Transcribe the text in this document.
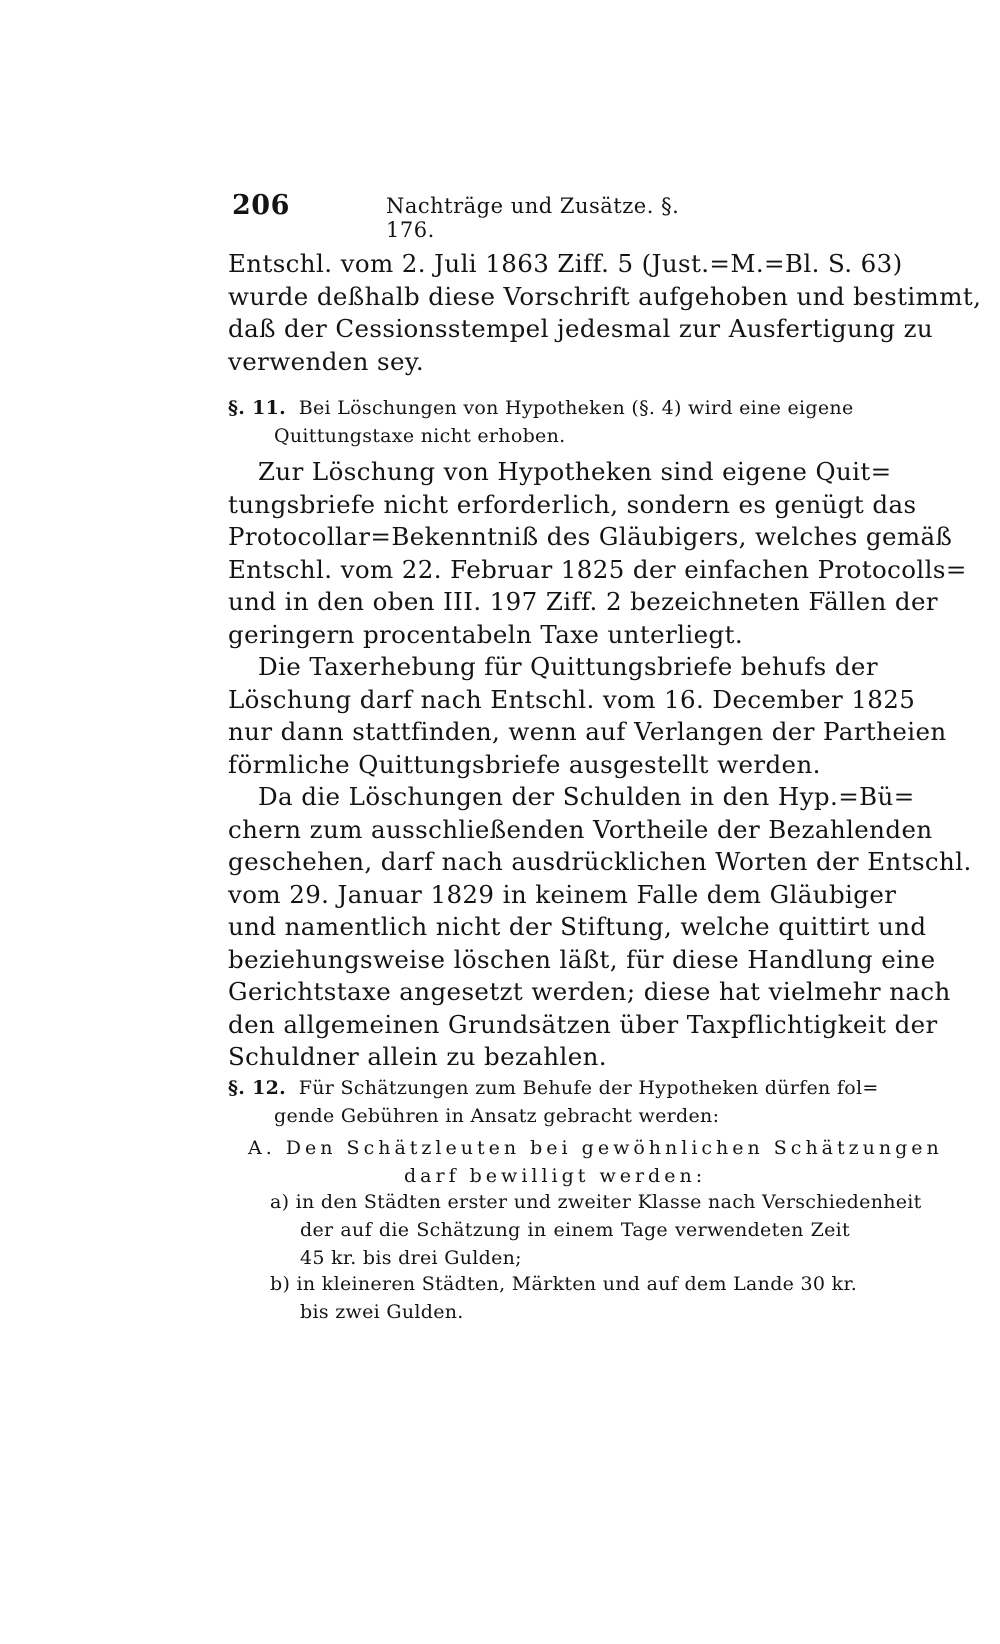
206	Nachträge und Zusätze. §. 176.
Entschl. vom 2. Juli 1863 Ziff. 5 (Just.=M.=Bl. S. 63)
wurde deßhalb diese Vorschrift aufgehoben und bestimmt,
daß der Cessionsstempel jedesmal zur Ausfertigung zu
verwenden sey.
§. 11. Bei Löschungen von Hypotheken (§. 4) wird eine eigene
Quittungstaxe nicht erhoben.
Zur Löschung von Hypotheken sind eigene Quit=
tungsbriefe nicht erforderlich, sondern es genügt das
Protocollar=Bekenntniß des Gläubigers, welches gemäß
Entschl. vom 22. Februar 1825 der einfachen Protocolls=
und in den oben III. 197 Ziff. 2 bezeichneten Fällen der
geringern procentabeln Taxe unterliegt.
Die Taxerhebung für Quittungsbriefe behufs der
Löschung darf nach Entschl. vom 16. December 1825
nur dann stattfinden, wenn auf Verlangen der Partheien
förmliche Quittungsbriefe ausgestellt werden.
Da die Löschungen der Schulden in den Hyp.=Bü=
chern zum ausschließenden Vortheile der Bezahlenden
geschehen, darf nach ausdrücklichen Worten der Entschl.
vom 29. Januar 1829 in keinem Falle dem Gläubiger
und namentlich nicht der Stiftung, welche quittirt und
beziehungsweise löschen läßt, für diese Handlung eine
Gerichtstaxe angesetzt werden; diese hat vielmehr nach
den allgemeinen Grundsätzen über Taxpflichtigkeit der
Schuldner allein zu bezahlen.
§. 12. Für Schätzungen zum Behufe der Hypotheken dürfen fol=
gende Gebühren in Ansatz gebracht werden:
A. Den Schätzleuten bei gewöhnlichen Schätzungen
darf bewilligt werden:
a) in den Städten erster und zweiter Klasse nach Verschiedenheit
der auf die Schätzung in einem Tage verwendeten Zeit
45 kr. bis drei Gulden;
b) in kleineren Städten, Märkten und auf dem Lande 30 kr.
bis zwei Gulden.
